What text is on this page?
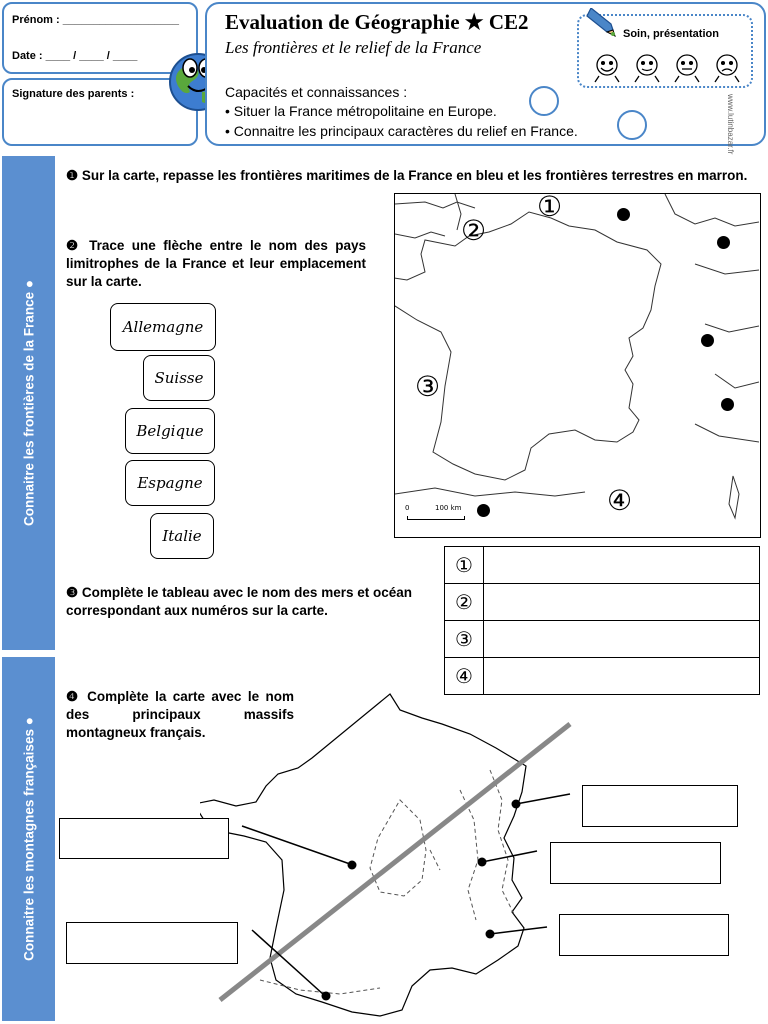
Prénom : ___________________
Date : ____ / ____ / ____
Signature des parents :
Evaluation de Géographie ★ CE2
Les frontières et le relief de la France
Capacités et connaissances :
• Situer la France métropolitaine en Europe.
• Connaitre les principaux caractères du relief en France.
Soin, présentation
www.lutinbazar.fr
Connaitre les frontières de la France ●
❶ Sur la carte, repasse les frontières maritimes de la France en bleu et les frontières terrestres en marron.
❷ Trace une flèche entre le nom des pays limitrophes de la France et leur emplacement sur la carte.
Allemagne
Suisse
Belgique
Espagne
Italie
①
②
③
④
0	100 km
❸ Complète le tableau avec le nom des mers et océan correspondant aux numéros sur la carte.
①	
②	
③	
④	
Connaitre les montagnes françaises ●
❹ Complète la carte avec le nom des principaux massifs montagneux français.
